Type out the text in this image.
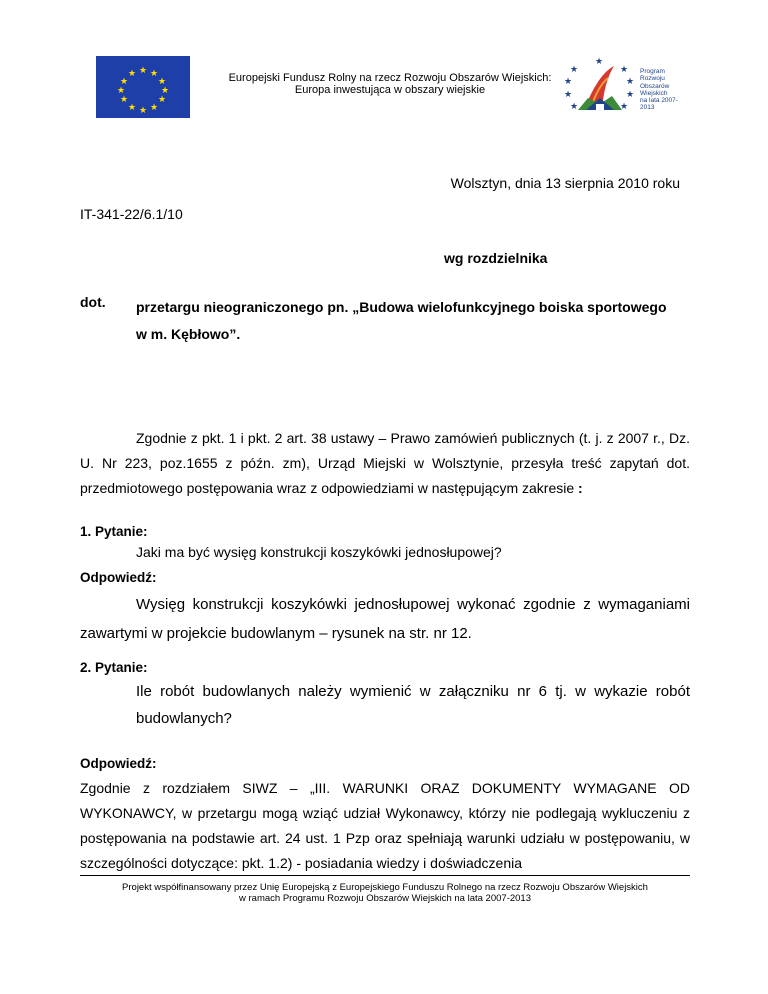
★ ★
★
★
★
★
★
★
★
★
★
★	Europejski Fundusz Rolny na rzecz Rozwoju Obszarów Wiejskich:
Europa inwestująca w obszary wiejskie
★
★
★
★
★
★
★
★
★
Program
Rozwoju
Obszarów
Wiejskich
na lata 2007-2013
Wolsztyn, dnia 13 sierpnia 2010 roku
IT-341-22/6.1/10
wg rozdzielnika
dot. przetargu nieograniczonego pn. „Budowa wielofunkcyjnego boiska sportowego
w m. Kębłowo”.
Zgodnie z pkt. 1 i pkt. 2 art. 38 ustawy – Prawo zamówień publicznych (t. j. z 2007 r., Dz. U. Nr 223, poz.1655 z późn. zm), Urząd Miejski w Wolsztynie, przesyła treść zapytań dot. przedmiotowego postępowania wraz z odpowiedziami w następującym zakresie :
1. Pytanie:
Jaki ma być wysięg konstrukcji koszykówki jednosłupowej?
Odpowiedź:
Wysięg konstrukcji koszykówki jednosłupowej wykonać zgodnie z wymaganiami zawartymi w projekcie budowlanym – rysunek na str. nr 12.
2. Pytanie:
Ile robót budowlanych należy wymienić w załączniku nr 6 tj. w wykazie robót budowlanych?
Odpowiedź:
Zgodnie z rozdziałem SIWZ – „III. WARUNKI ORAZ DOKUMENTY WYMAGANE OD WYKONAWCY, w przetargu mogą wziąć udział Wykonawcy, którzy nie podlegają wykluczeniu z postępowania na podstawie art. 24 ust. 1 Pzp oraz spełniają warunki udziału w postępowaniu, w szczególności dotyczące: pkt. 1.2) - posiadania wiedzy i doświadczenia
Projekt współfinansowany przez Unię Europejską z Europejskiego Funduszu Rolnego na rzecz Rozwoju Obszarów Wiejskich
w ramach Programu Rozwoju Obszarów Wiejskich na lata 2007-2013
